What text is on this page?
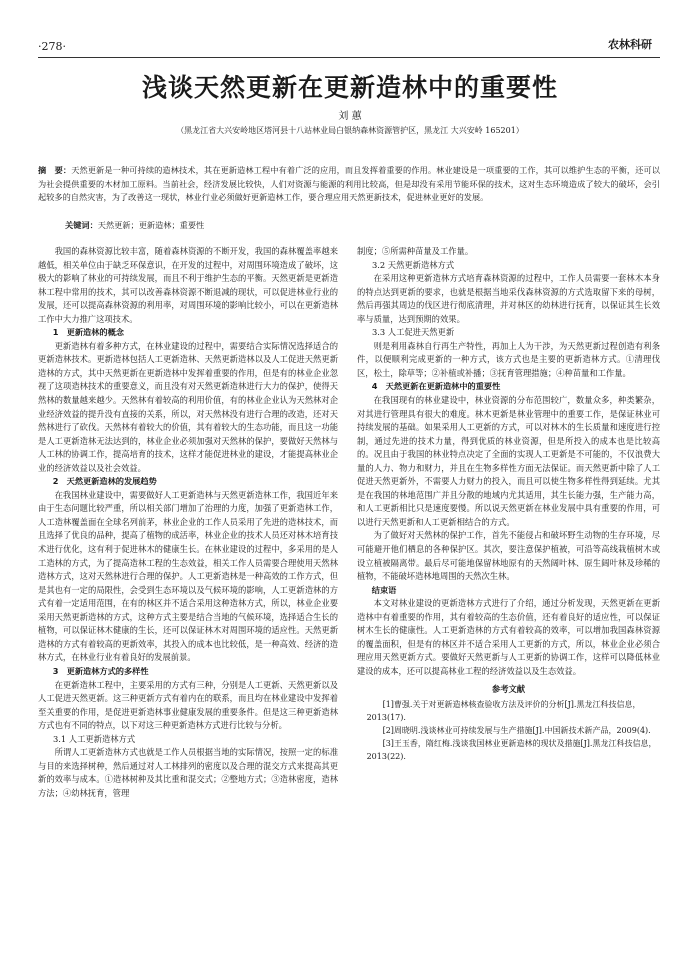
·278·	农林科研
浅谈天然更新在更新造林中的重要性
刘 蕙
（黑龙江省大兴安岭地区塔河县十八站林业局白银纳森林资源管护区，黑龙江 大兴安岭 165201）
摘　要：天然更新是一种可持续的造林技术，其在更新造林工程中有着广泛的应用，而且发挥着重要的作用。林业建设是一项重要的工作，其可以维护生态的平衡，还可以为社会提供重要的木材加工原料。当前社会，经济发展比较快，人们对资源与能源的利用比较高，但是却没有采用节能环保的技术，这对生态环境造成了较大的破坏，会引起较多的自然灾害，为了改善这一现状，林业行业必须做好更新造林工作，要合理应用天然更新技术，促进林业更好的发展。
关键词：天然更新；更新造林；重要性

我国的森林资源比较丰富，随着森林资源的不断开发，我国的森林覆盖率越来越低，相关单位由于缺乏环保意识，在开发的过程中，对周围环境造成了破坏，这极大的影响了林业的可持续发展，而且不利于维护生态的平衡。天然更新是更新造林工程中常用的技术，其可以改善森林资源不断退减的现状，可以促进林业行业的发展，还可以提高森林资源的利用率，对周围环境的影响比较小，可以在更新造林工作中大力推广这项技术。

1　更新造林的概念

更新造林有着多种方式，在林业建设的过程中，需要结合实际情况选择适合的更新造林技术。更新造林包括人工更新造林、天然更新造林以及人工促进天然更新造林的方式，其中天然更新在更新造林中发挥着重要的作用，但是有的林业企业忽视了这项造林技术的重要意义，而且没有对天然更新造林进行大力的保护，使得天然林的数量越来越少。天然林有着较高的利用价值，有的林业企业认为天然林对企业经济效益的提升没有直接的关系，所以，对天然林没有进行合理的改造，还对天然林进行了砍伐。天然林有着较大的价值，其有着较大的生态功能，而且这一功能是人工更新造林无法达到的，林业企业必须加强对天然林的保护，要做好天然林与人工林的协调工作，提高培育的技术，这样才能促进林业的建设，才能提高林业企业的经济效益以及社会效益。

2　天然更新造林的发展趋势

在我国林业建设中，需要做好人工更新造林与天然更新造林工作，我国近年来由于生态问题比较严重，所以相关部门增加了治理的力度，加强了更新造林工作，人工造林覆盖面在全球名列前茅，林业企业的工作人员采用了先进的造林技术，而且选择了优良的品种，提高了植物的成活率，林业企业的技术人员还对林木培育技术进行优化，这有利于促进林木的健康生长。在林业建设的过程中，多采用的是人工造林的方式，为了提高造林工程的生态效益，相关工作人员需要合理使用天然林造林方式，这对天然林进行合理的保护。人工更新造林是一种高效的工作方式，但是其也有一定的局限性，会受到生态环境以及气候环境的影响，人工更新造林的方式有着一定适用范围，在有的林区并不适合采用这种造林方式，所以，林业企业要采用天然更新造林的方式，这种方式主要是结合当地的气候环境，选择适合生长的植物，可以保证林木健康的生长，还可以保证林木对周围环境的适应性。天然更新造林的方式有着较高的更新效率，其投入的成本也比较低，是一种高效、经济的造林方式，在林业行业有着良好的发展前景。

3　更新造林方式的多样性

在更新造林工程中，主要采用的方式有三种，分别是人工更新、天然更新以及人工促进天然更新。这三种更新方式有着内在的联系，而且均在林业建设中发挥着至关重要的作用，是促进更新造林事业健康发展的重要条件。但是这三种更新造林方式也有不同的特点，以下对这三种更新造林方式进行比较与分析。

3.1 人工更新造林方式

所谓人工更新造林方式也就是工作人员根据当地的实际情况，按照一定的标准与目的来选择树种，然后通过对人工林排列的密度以及合理的混交方式来提高其更新的效率与成本。①造林树种及其比重和混交式；②整地方式；③造林密度，造林方法；④幼林抚育，管理

制度；⑤所需种苗量及工作量。

3.2 天然更新造林方式

在采用这种更新造林方式培育森林资源的过程中，工作人员需要一套林木本身的特点达到更新的要求，也就是根据当地采伐森林资源的方式选取留下来的母树，然后再强其周边的伐区进行彻底清理，并对林区的幼林进行抚育，以保证其生长效率与质量，达到预期的效果。

3.3 人工促进天然更新

则是利用森林自行再生产特性，再加上人为干涉，为天然更新过程创造有利条件，以便顺利完成更新的一种方式，该方式也是主要的更新造林方式。①清理伐区，松土，除草等；②补植或补播；③抚育管理措施；④种苗量和工作量。

4　天然更新在更新造林中的重要性

在我国现有的林业建设中，林业资源的分布范围较广，数量众多，种类繁杂，对其进行管理具有很大的难度。林木更新是林业管理中的重要工作，是保证林业可持续发展的基础。如果采用人工更新的方式，可以对林木的生长质量和速度进行控制，通过先进的技术力量，得到优质的林业资源，但是所投入的成本也是比较高的。况且由于我国的林业特点决定了全面的实现人工更新是不可能的，不仅浪费大量的人力、物力和财力，并且在生物多样性方面无法保证。而天然更新中除了人工促进天然更新外，不需要人力财力的投入，而且可以使生物多样性得到延续。尤其是在我国的林地范围广并且分散的地域内尤其适用，其生长能力强，生产能力高，和人工更新相比只是速度要慢。所以说天然更新在林业发展中具有重要的作用，可以进行天然更新和人工更新相结合的方式。

为了做好对天然林的保护工作，首先不能侵占和破坏野生动物的生存环境，尽可能避开他们栖息的各种保护区。其次，要注意保护植被，可沿等高线栽植树木或设立植被隔离带。最后尽可能地保留林地原有的天然阔叶林、原生阔叶林及珍稀的植物，不能破坏造林地周围的天然次生林。

结束语

本文对林业建设的更新造林方式进行了介绍，通过分析发现，天然更新在更新造林中有着重要的作用，其有着较高的生态价值，还有着良好的适应性，可以保证树木生长的健康性。人工更新造林的方式有着较高的效率，可以增加我国森林资源的覆盖面积，但是有的林区并不适合采用人工更新的方式，所以，林业企业必须合理应用天然更新方式。要做好天然更新与人工更新的协调工作，这样可以降低林业建设的成本，还可以提高林业工程的经济效益以及生态效益。

参考文献

[1]曹强.关于对更新造林核查验收方法及评价的分析[J].黑龙江科技信息，2013(17).

[2]周晓明.浅谈林业可持续发展与生产措施[J].中国新技术新产品，2009(4).

[3]王玉香，隋红梅.浅谈我国林业更新造林的现状及措施[J].黑龙江科技信息，2013(22).
